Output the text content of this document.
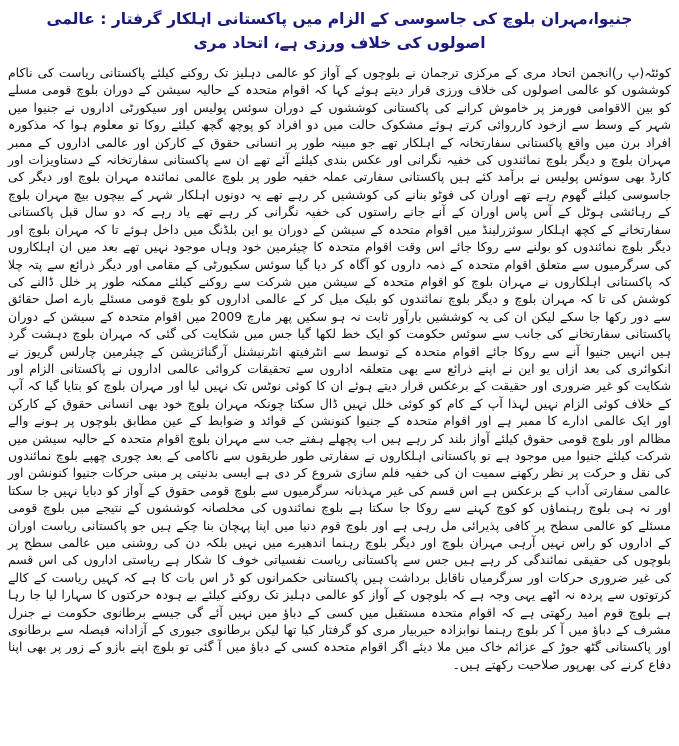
جنیوا،مہران بلوچ کی جاسوسی کے الزام میں پاکستانی اہلکار گرفتار : عالمی اصولوں کی خلاف ورزی ہے، اتحاد مری

کوئٹہ(پ ر)انجمن اتحاد مری کے مرکزی ترجمان نے بلوچوں کے آواز کو عالمی دہلیز تک روکنے کیلئے پاکستانی ریاست کی ناکام کوششوں کو عالمی اصولوں کی خلاف ورزی قرار دیتے ہوئے کہا کہ اقوام متحدہ کے حالیہ سیشن کے دوران بلوچ قومی مسلے کو بین الاقوامی فورمز پر خاموش کرانے کی پاکستانی کوششوں کے دوران سوئس پولیس اور سیکورٹی اداروں نے جنیوا میں شہر کے وسط سے ازخود کارروائی کرتے ہوئے مشکوک حالت میں دو افراد کو پوچھ گچھ کیلئے روکا تو معلوم ہوا کہ مذکورہ افراد برن میں واقع پاکستانی سفارتخانہ کے اہلکار تھے جو مبینہ طور پر انسانی حقوق کے کارکن اور عالمی اداروں کے ممبر مہران بلوچ و دیگر بلوچ نمائندوں کی خفیہ نگرانی اور عکس بندی کیلئے آئے تھے ان سے پاکستانی سفارتخانہ کے دستاویزات اور کارڈ بھی سوئس پولیس نے برآمد کئے ہیں پاکستانی سفارتی عملہ خفیہ طور پر بلوچ عالمی نمائندہ مہران بلوچ اور دیگر کی جاسوسی کیلئے گھوم رہے تھے اوران کی فوٹو بنانے کی کوششیں کر رہے تھے یہ دونوں اہلکار شہر کے بیچوں بیچ مہران بلوچ کے رہائشی ہوٹل کے آس پاس اوران کے آنے جانے راستوں کی خفیہ نگرانی کر رہے تھے یاد رہے کہ دو سال قبل پاکستانی سفارتخانے کے کچھ اہلکار سوئزرلینڈ میں اقوام متحدہ کے سیشن کے دوران یو این بلڈنگ میں داخل ہوئے تا کہ مہران بلوچ اور دیگر بلوچ نمائندوں کو بولنے سے روکا جائے اس وقت اقوام متحدہ کا چیئرمین خود وہاں موجود نہیں تھے بعد میں ان اہلکاروں کی سرگرمیوں سے متعلق اقوام متحدہ کے ذمہ داروں کو آگاہ کر دیا گیا سوئس سکیورٹی کے مقامی اور دیگر ذرائع سے پتہ چلا کہ پاکستانی اہلکاروں نے مہران بلوچ کو اقوام متحدہ کے سیشن میں شرکت سے روکنے کیلئے ممکنہ طور پر خلل ڈالنے کی کوشش کی تا کہ مہران بلوچ و دیگر بلوچ نمائندوں کو بلیک میل کر کے عالمی اداروں کو بلوچ قومی مسئلے بارے اصل حقائق سے دور رکھا جا سکے لیکن ان کی یہ کوششیں بارآور ثابت نہ ہو سکیں پھر مارچ 2009 میں اقوام متحدہ کے سیشن کے دوران پاکستانی سفارتخانے کی جانب سے سوئس حکومت کو ایک خط لکھا گیا جس میں شکایت کی گئی کہ مہران بلوچ دہشت گرد ہیں انہیں جنیوا آنے سے روکا جائے اقوام متحدہ کے توسط سے انٹرفیتھ انٹرنیشنل آرگنائزیشن کے چیئرمین چارلس گریوز نے انکوائری کی بعد ازاں یو این نے اپنے ذرائع سے بھی متعلقہ اداروں سے تحقیقات کروائی عالمی اداروں نے پاکستانی الزام اور شکایت کو غیر ضروری اور حقیقت کے برعکس قرار دیتے ہوئے ان کا کوئی نوٹس تک نہیں لیا اور مہران بلوچ کو بتایا گیا کہ آپ کے خلاف کوئی الزام نہیں لہذا آپ کے کام کو کوئی خلل نہیں ڈال سکتا چونکہ مہران بلوچ خود بھی انسانی حقوق کے کارکن اور ایک عالمی ادارے کا ممبر ہے اور اقوام متحدہ کے جنیوا کنونشن کے قوائد و ضوابط کے عین مطابق بلوچوں پر ہونے والے مظالم اور بلوچ قومی حقوق کیلئے آواز بلند کر رہے ہیں اب پچھلے ہفتے جب سے مہران بلوچ اقوام متحدہ کے حالیہ سیشن میں شرکت کیلئے جنیوا میں موجود ہے تو پاکستانی اہلکاروں نے سفارتی طور طریقوں سے ناکامی کے بعد چوری چھپے بلوچ نمائندوں کی نقل و حرکت پر نظر رکھنے سمیت ان کی خفیہ فلم سازی شروع کر دی ہے ایسی بدنیتی پر مبنی حرکات جنیوا کنونشن اور عالمی سفارتی آداب کے برعکس ہے اس قسم کی غیر مہذبانہ سرگرمیوں سے بلوچ قومی حقوق کے آواز کو دبایا نہیں جا سکتا اور نہ ہی بلوچ رہنماؤں کو کوچ کہنے سے روکا جا سکتا ہے بلوچ نمائندوں کی مخلصانہ کوششوں کے نتیجے میں بلوچ قومی مسئلے کو عالمی سطح پر کافی پذیرائی مل رہی ہے اور بلوچ قوم دنیا میں اپنا پہچان بنا چکے ہیں جو پاکستانی ریاست اوران کے اداروں کو راس نہیں آرہی مہران بلوچ اور دیگر بلوچ رہنما اندھیرے میں نہیں بلکہ دن کی روشنی میں عالمی سطح پر بلوچوں کی حقیقی نمائندگی کر رہے ہیں جس سے پاکستانی ریاست نفسیاتی خوف کا شکار ہے ریاستی اداروں کی اس قسم کی غیر ضروری حرکات اور سرگرمیاں ناقابل برداشت ہیں پاکستانی حکمرانوں کو ڈر اس بات کا ہے کہ کہیں ریاست کے کالے کرتوتوں سے پردہ نہ اٹھے یہی وجہ ہے کہ بلوچوں کے آواز کو عالمی دہلیز تک روکنے کیلئے بے ہودہ حرکتوں کا سہارا لیا جا رہا ہے بلوچ قوم امید رکھتی ہے کہ اقوام متحدہ مستقبل میں کسی کے دباؤ میں نہیں آئے گی جیسے برطانوی حکومت نے جنرل مشرف کے دباؤ میں آ کر بلوچ رہنما نوابزادہ حیربیار مری کو گرفتار کیا تھا لیکن برطانوی جیوری کے آزادانہ فیصلہ سے برطانوی اور پاکستانی گٹھ جوڑ کے عزائم خاک میں ملا دیئے اگر اقوام متحدہ کسی کے دباؤ میں آ گئی تو بلوچ اپنے بازو کے زور پر بھی اپنا دفاع کرنے کی بھرپور صلاحیت رکھتے ہیں۔
